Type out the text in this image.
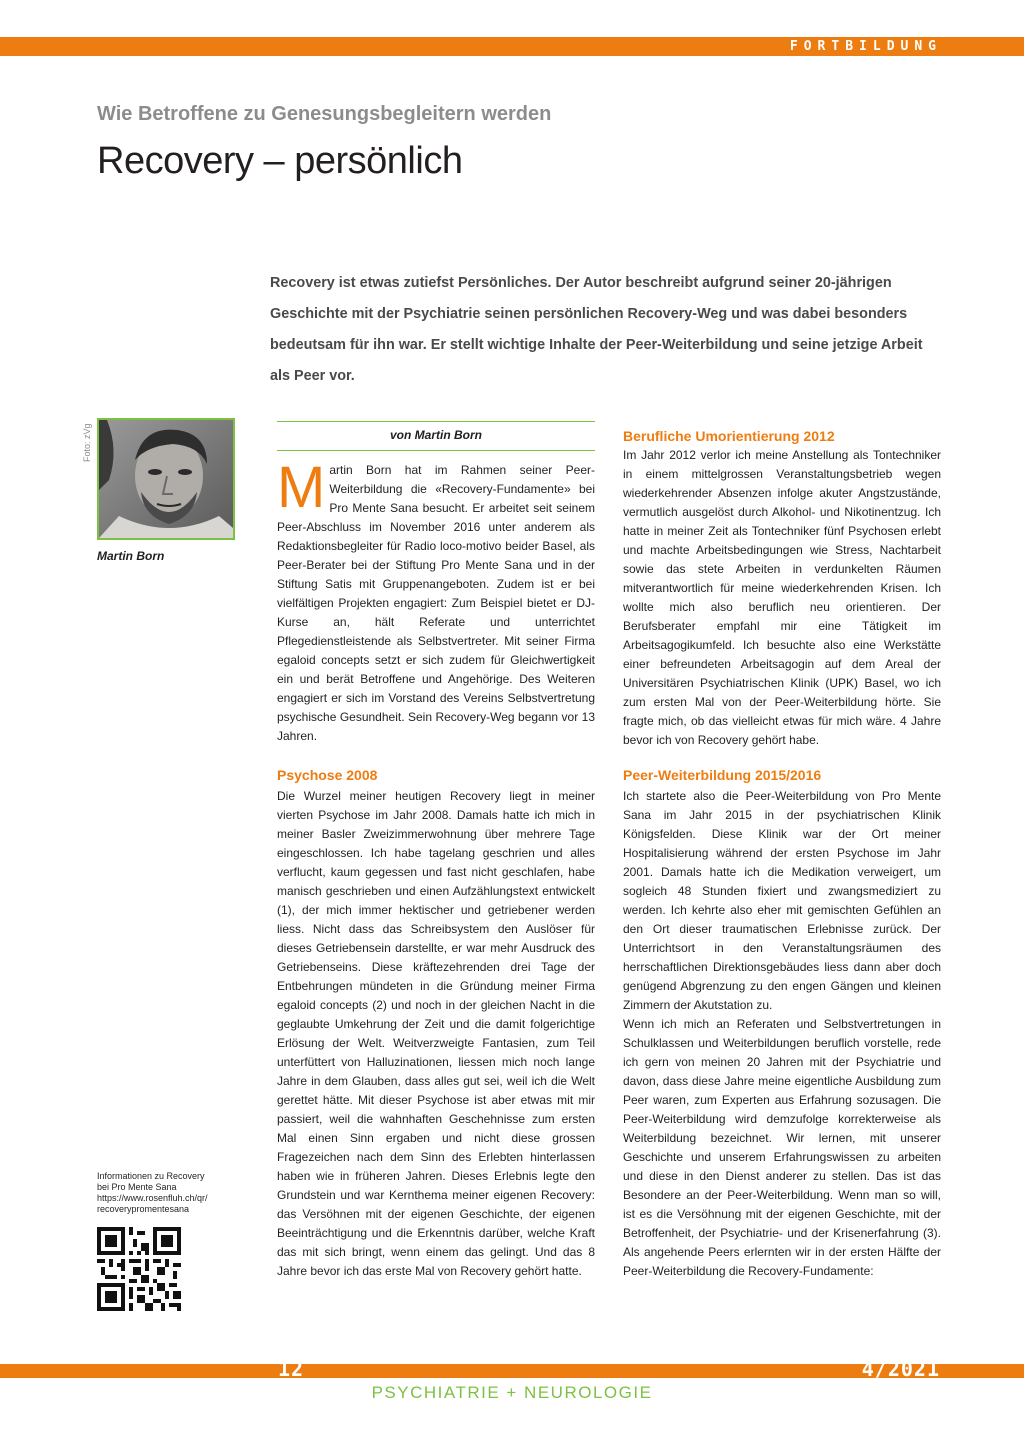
FORTBILDUNG
Wie Betroffene zu Genesungsbegleitern werden
Recovery – persönlich
Recovery ist etwas zutiefst Persönliches. Der Autor beschreibt aufgrund seiner 20-jährigen Geschichte mit der Psychiatrie seinen persönlichen Recovery-Weg und was dabei besonders bedeutsam für ihn war. Er stellt wichtige Inhalte der Peer-Weiterbildung und seine jetzige Arbeit als Peer vor.
Foto: zVg
Martin Born
von Martin Born
M artin Born hat im Rahmen seiner Peer-Weiterbildung die «Recovery-Fundamente» bei Pro Mente Sana besucht. Er arbeitet seit seinem Peer-Abschluss im November 2016 unter anderem als Redaktionsbegleiter für Radio loco-motivo beider Basel, als Peer-Berater bei der Stiftung Pro Mente Sana und in der Stiftung Satis mit Gruppenangeboten. Zudem ist er bei vielfältigen Projekten engagiert: Zum Beispiel bietet er DJ-Kurse an, hält Referate und unterrichtet Pflegedienstleistende als Selbstvertreter. Mit seiner Firma egaloid concepts setzt er sich zudem für Gleichwertigkeit ein und berät Betroffene und Angehörige. Des Weiteren engagiert er sich im Vorstand des Vereins Selbstvertretung psychische Gesundheit. Sein Recovery-Weg begann vor 13 Jahren.
Psychose 2008

Die Wurzel meiner heutigen Recovery liegt in meiner vierten Psychose im Jahr 2008. Damals hatte ich mich in meiner Basler Zweizimmerwohnung über mehrere Tage eingeschlossen. Ich habe tagelang geschrien und alles verflucht, kaum gegessen und fast nicht geschlafen, habe manisch geschrieben und einen Aufzählungstext entwickelt (1), der mich immer hektischer und getriebener werden liess. Nicht dass das Schreibsystem den Auslöser für dieses Getriebensein darstellte, er war mehr Ausdruck des Getriebenseins. Diese kräftezehrenden drei Tage der Entbehrungen mündeten in die Gründung meiner Firma egaloid concepts (2) und noch in der gleichen Nacht in die geglaubte Umkehrung der Zeit und die damit folgerichtige Erlösung der Welt. Weitverzweigte Fantasien, zum Teil unterfüttert von Halluzinationen, liessen mich noch lange Jahre in dem Glauben, dass alles gut sei, weil ich die Welt gerettet hätte. Mit dieser Psychose ist aber etwas mit mir passiert, weil die wahnhaften Geschehnisse zum ersten Mal einen Sinn ergaben und nicht diese grossen Fragezeichen nach dem Sinn des Erlebten hinterlassen haben wie in früheren Jahren. Dieses Erlebnis legte den Grundstein und war Kernthema meiner eigenen Recovery: das Versöhnen mit der eigenen Geschichte, der eigenen Beeinträchtigung und die Erkenntnis darüber, welche Kraft das mit sich bringt, wenn einem das gelingt. Und das 8 Jahre bevor ich das erste Mal von Recovery gehört hatte.

Berufliche Umorientierung 2012

Im Jahr 2012 verlor ich meine Anstellung als Tontechniker in einem mittelgrossen Veranstaltungsbetrieb wegen wiederkehrender Absenzen infolge akuter Angstzustände, vermutlich ausgelöst durch Alkohol- und Nikotinentzug. Ich hatte in meiner Zeit als Tontechniker fünf Psychosen erlebt und machte Arbeitsbedingungen wie Stress, Nachtarbeit sowie das stete Arbeiten in verdunkelten Räumen mitverantwortlich für meine wiederkehrenden Krisen. Ich wollte mich also beruflich neu orientieren. Der Berufsberater empfahl mir eine Tätigkeit im Arbeitsagogikumfeld. Ich besuchte also eine Werkstätte einer befreundeten Arbeitsagogin auf dem Areal der Universitären Psychiatrischen Klinik (UPK) Basel, wo ich zum ersten Mal von der Peer-Weiterbildung hörte. Sie fragte mich, ob das vielleicht etwas für mich wäre. 4 Jahre bevor ich von Recovery gehört habe.

Peer-Weiterbildung 2015/2016

Ich startete also die Peer-Weiterbildung von Pro Mente Sana im Jahr 2015 in der psychiatrischen Klinik Königsfelden. Diese Klinik war der Ort meiner Hospitalisierung während der ersten Psychose im Jahr 2001. Damals hatte ich die Medikation verweigert, um sogleich 48 Stunden fixiert und zwangsmediziert zu werden. Ich kehrte also eher mit gemischten Gefühlen an den Ort dieser traumatischen Erlebnisse zurück. Der Unterrichtsort in den Veranstaltungsräumen des herrschaftlichen Direktionsgebäudes liess dann aber doch genügend Abgrenzung zu den engen Gängen und kleinen Zimmern der Akutstation zu.

Wenn ich mich an Referaten und Selbstvertretungen in Schulklassen und Weiterbildungen beruflich vorstelle, rede ich gern von meinen 20 Jahren mit der Psychiatrie und davon, dass diese Jahre meine eigentliche Ausbildung zum Peer waren, zum Experten aus Erfahrung sozusagen. Die Peer-Weiterbildung wird demzufolge korrekterweise als Weiterbildung bezeichnet. Wir lernen, mit unserer Geschichte und unserem Erfahrungswissen zu arbeiten und diese in den Dienst anderer zu stellen. Das ist das Besondere an der Peer-Weiterbildung. Wenn man so will, ist es die Versöhnung mit der eigenen Geschichte, mit der Betroffenheit, der Psychiatrie- und der Krisenerfahrung (3). Als angehende Peers erlernten wir in der ersten Hälfte der Peer-Weiterbildung die Recovery-Fundamente:

Informationen zu Recovery
bei Pro Mente Sana
https://www.rosenfluh.ch/qr/
recoverypromentesana
12	4/2021
PSYCHIATRIE + NEUROLOGIE
